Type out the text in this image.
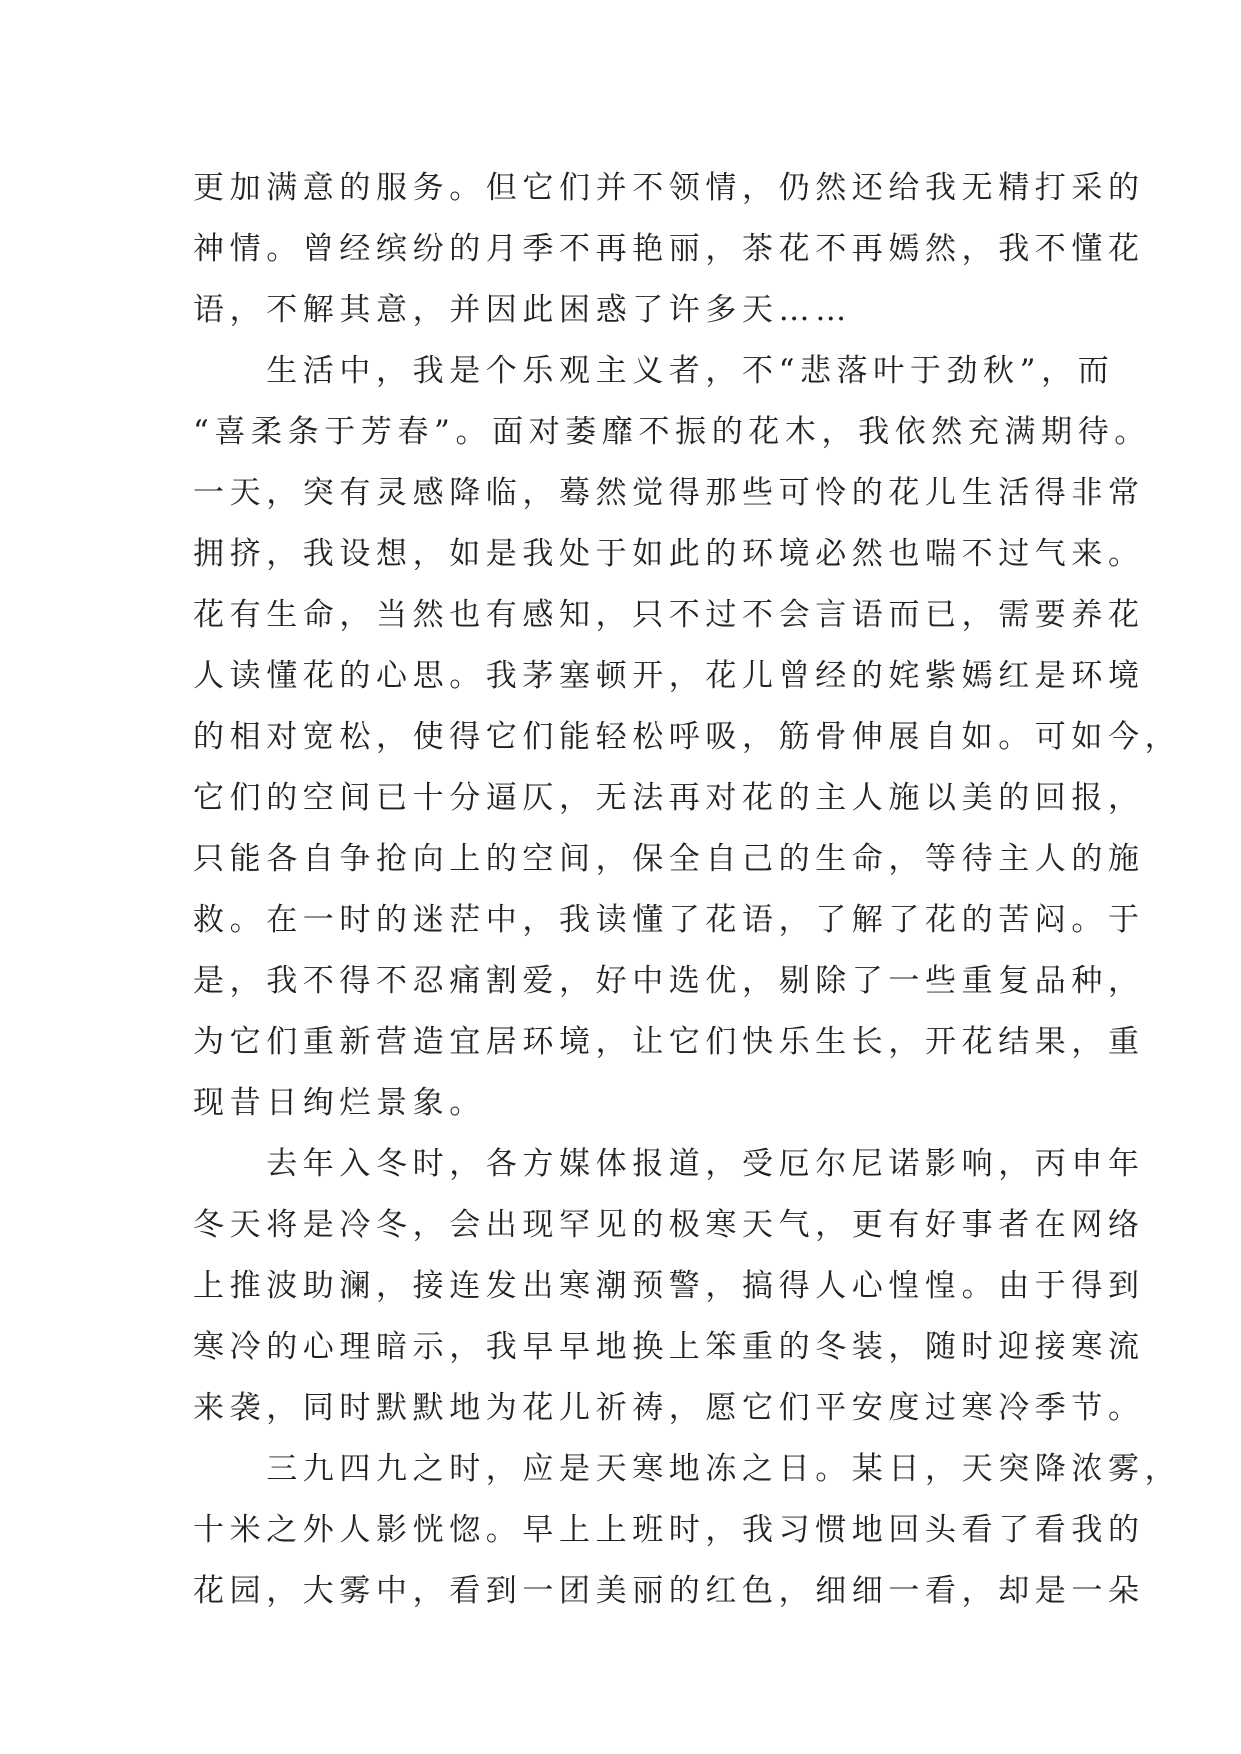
更加满意的服务。但它们并不领情，仍然还给我无精打采的
神情。曾经缤纷的月季不再艳丽，茶花不再嫣然，我不懂花
语，不解其意，并因此困惑了许多天……
　　生活中，我是个乐观主义者，不“悲落叶于劲秋”，而
“喜柔条于芳春”。面对萎靡不振的花木，我依然充满期待。
一天，突有灵感降临，蓦然觉得那些可怜的花儿生活得非常
拥挤，我设想，如是我处于如此的环境必然也喘不过气来。
花有生命，当然也有感知，只不过不会言语而已，需要养花
人读懂花的心思。我茅塞顿开，花儿曾经的姹紫嫣红是环境
的相对宽松，使得它们能轻松呼吸，筋骨伸展自如。可如今，
它们的空间已十分逼仄，无法再对花的主人施以美的回报，
只能各自争抢向上的空间，保全自己的生命，等待主人的施
救。在一时的迷茫中，我读懂了花语，了解了花的苦闷。于
是，我不得不忍痛割爱，好中选优，剔除了一些重复品种，
为它们重新营造宜居环境，让它们快乐生长，开花结果，重
现昔日绚烂景象。
　　去年入冬时，各方媒体报道，受厄尔尼诺影响，丙申年
冬天将是冷冬，会出现罕见的极寒天气，更有好事者在网络
上推波助澜，接连发出寒潮预警，搞得人心惶惶。由于得到
寒冷的心理暗示，我早早地换上笨重的冬装，随时迎接寒流
来袭，同时默默地为花儿祈祷，愿它们平安度过寒冷季节。
　　三九四九之时，应是天寒地冻之日。某日，天突降浓雾，
十米之外人影恍惚。早上上班时，我习惯地回头看了看我的
花园，大雾中，看到一团美丽的红色，细细一看，却是一朵
